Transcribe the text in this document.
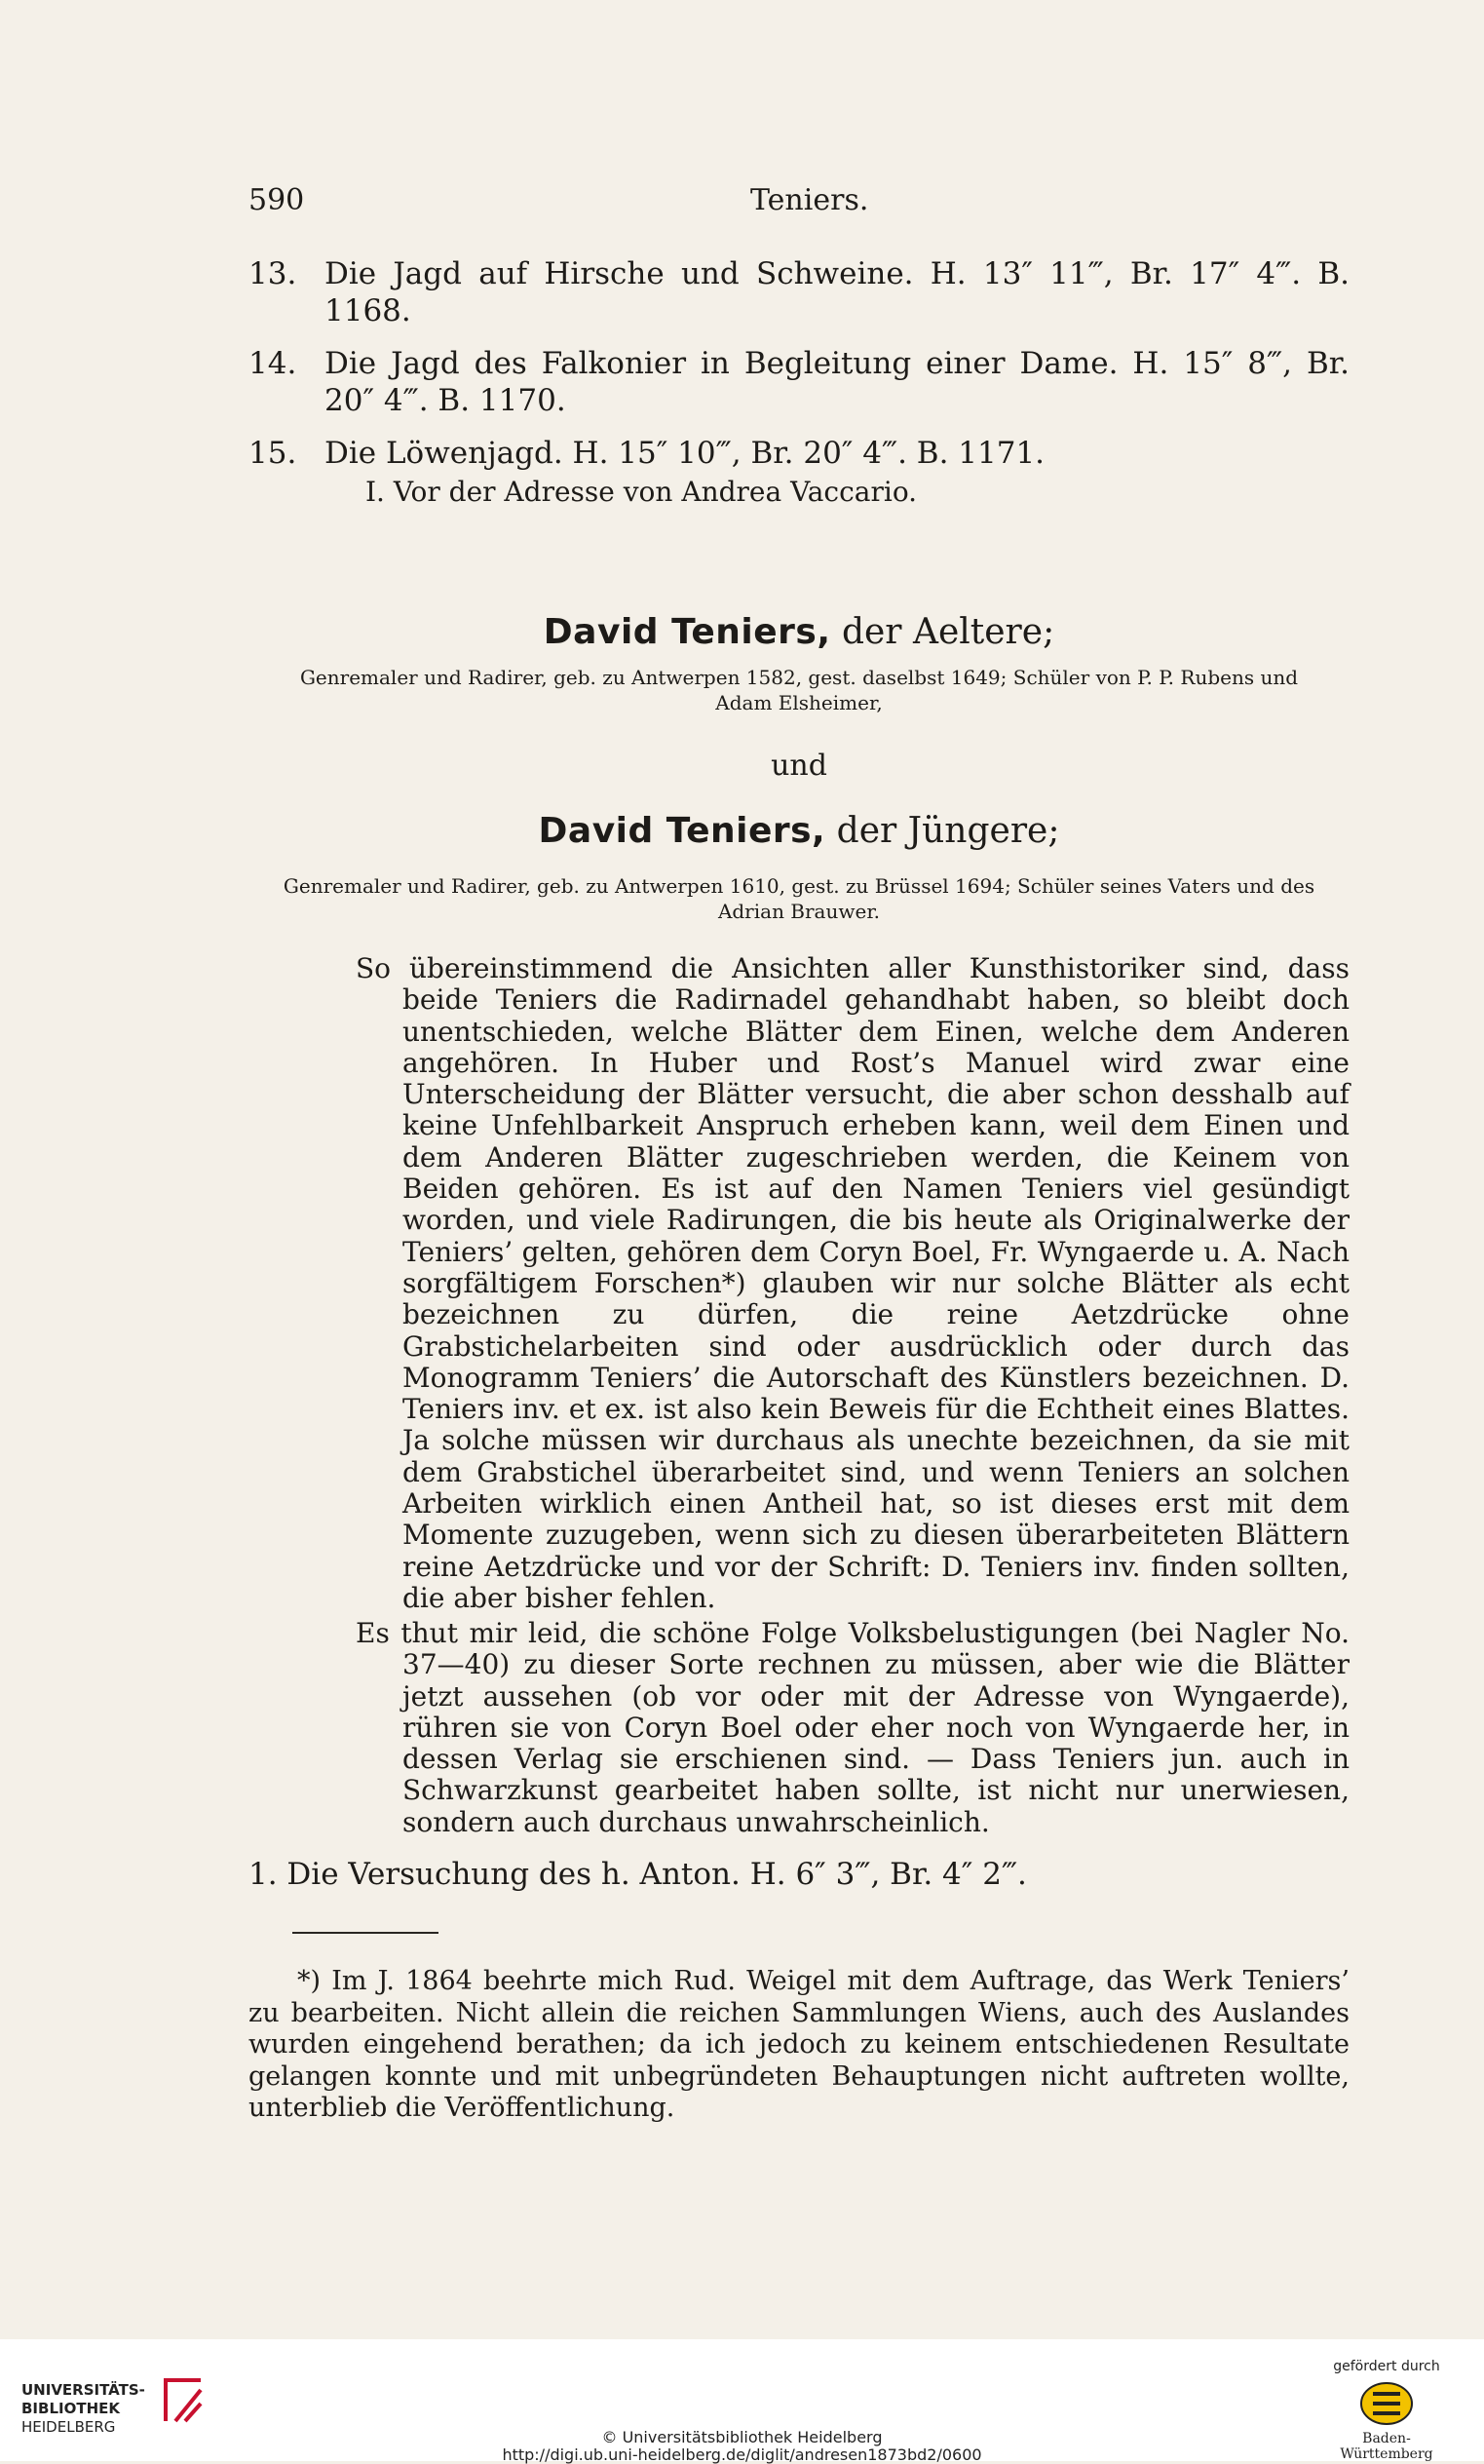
590	Teniers.
13. Die Jagd auf Hirsche und Schweine. H. 13″ 11‴, Br. 17″ 4‴. B. 1168.
14. Die Jagd des Falkonier in Begleitung einer Dame. H. 15″ 8‴, Br. 20″ 4‴. B. 1170.
15. Die Löwenjagd. H. 15″ 10‴, Br. 20″ 4‴. B. 1171.
I. Vor der Adresse von Andrea Vaccario.
David Teniers, der Aeltere;
Genremaler und Radirer, geb. zu Antwerpen 1582, gest. daselbst 1649; Schüler von P. P. Rubens und Adam Elsheimer,
und
David Teniers, der Jüngere;
Genremaler und Radirer, geb. zu Antwerpen 1610, gest. zu Brüssel 1694; Schüler seines Vaters und des Adrian Brauwer.

So übereinstimmend die Ansichten aller Kunsthistoriker sind, dass beide Teniers die Radirnadel gehandhabt haben, so bleibt doch unentschieden, welche Blätter dem Einen, welche dem Anderen angehören. In Huber und Rost’s Manuel wird zwar eine Unterscheidung der Blätter versucht, die aber schon desshalb auf keine Unfehlbarkeit Anspruch erheben kann, weil dem Einen und dem Anderen Blätter zugeschrieben werden, die Keinem von Beiden gehören. Es ist auf den Namen Teniers viel gesündigt worden, und viele Radirungen, die bis heute als Originalwerke der Teniers’ gelten, gehören dem Coryn Boel, Fr. Wyngaerde u. A. Nach sorgfältigem Forschen*) glauben wir nur solche Blätter als echt bezeichnen zu dürfen, die reine Aetzdrücke ohne Grabstichelarbeiten sind oder ausdrücklich oder durch das Monogramm Teniers’ die Autorschaft des Künstlers bezeichnen. D. Teniers inv. et ex. ist also kein Beweis für die Echtheit eines Blattes. Ja solche müssen wir durchaus als unechte bezeichnen, da sie mit dem Grabstichel überarbeitet sind, und wenn Teniers an solchen Arbeiten wirklich einen Antheil hat, so ist dieses erst mit dem Momente zuzugeben, wenn sich zu diesen überarbeiteten Blättern reine Aetzdrücke und vor der Schrift: D. Teniers inv. finden sollten, die aber bisher fehlen.

Es thut mir leid, die schöne Folge Volksbelustigungen (bei Nagler No. 37—40) zu dieser Sorte rechnen zu müssen, aber wie die Blätter jetzt aussehen (ob vor oder mit der Adresse von Wyngaerde), rühren sie von Coryn Boel oder eher noch von Wyngaerde her, in dessen Verlag sie erschienen sind. — Dass Teniers jun. auch in Schwarzkunst gearbeitet haben sollte, ist nicht nur unerwiesen, sondern auch durchaus unwahrscheinlich.

1. Die Versuchung des h. Anton. H. 6″ 3‴, Br. 4″ 2‴.
*) Im J. 1864 beehrte mich Rud. Weigel mit dem Auftrage, das Werk Teniers’ zu bearbeiten. Nicht allein die reichen Sammlungen Wiens, auch des Auslandes wurden eingehend berathen; da ich jedoch zu keinem entschiedenen Resultate gelangen konnte und mit unbegründeten Behauptungen nicht auftreten wollte, unterblieb die Veröffentlichung.
UNIVERSITÄTS-
BIBLIOTHEK
HEIDELBERG
© Universitätsbibliothek Heidelberg
http://digi.ub.uni-heidelberg.de/diglit/andresen1873bd2/0600
gefördert durch
Baden-Württemberg
